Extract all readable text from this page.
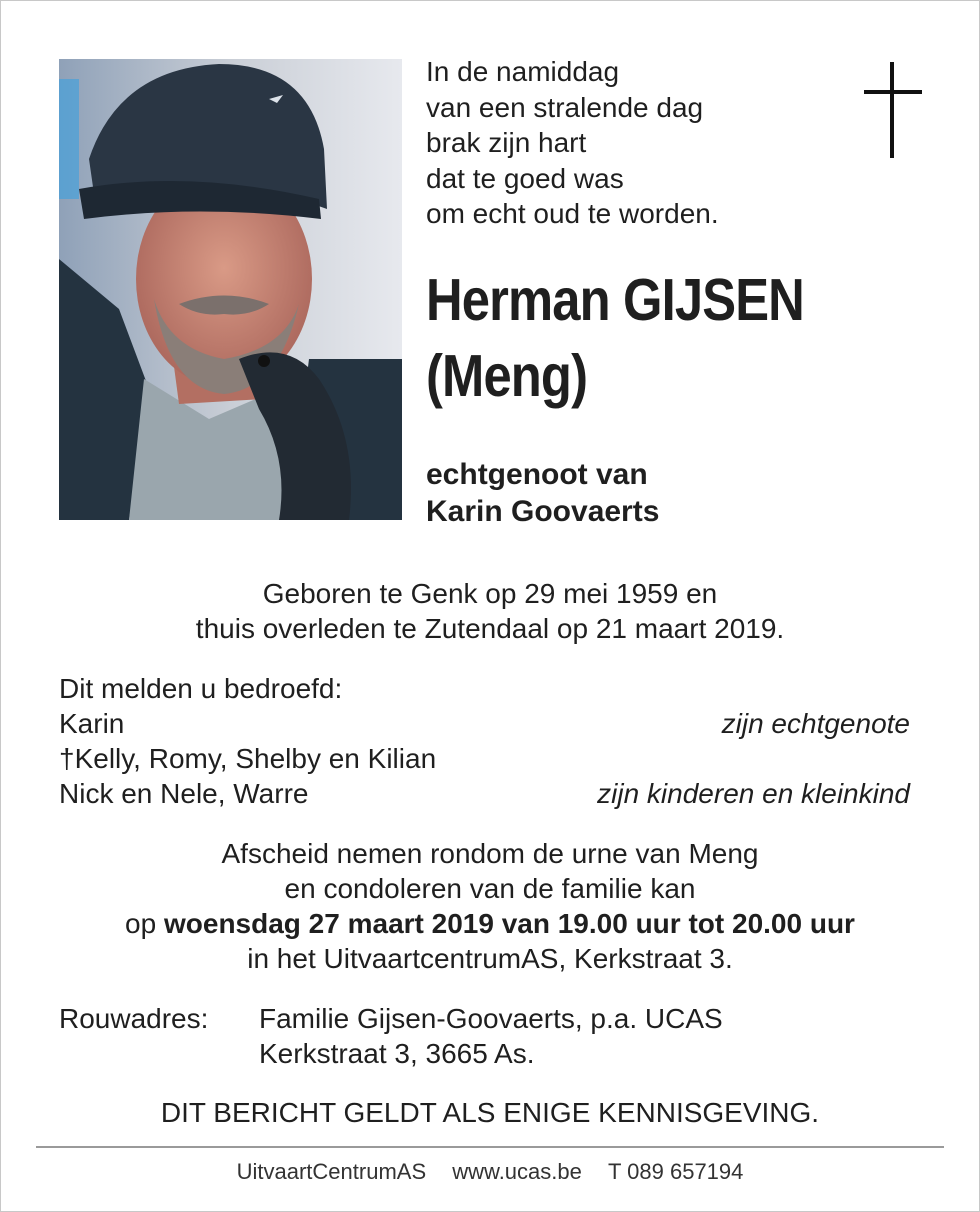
In de namiddag
van een stralende dag
brak zijn hart
dat te goed was
om echt oud te worden.
Herman GIJSEN
(Meng)
echtgenoot van
Karin Goovaerts
Geboren te Genk op 29 mei 1959 en
thuis overleden te Zutendaal op 21 maart 2019.
Dit melden u bedroefd:
Karin	zijn echtgenote
†Kelly, Romy, Shelby en Kilian
Nick en Nele, Warre	zijn kinderen en kleinkind
Afscheid nemen rondom de urne van Meng
en condoleren van de familie kan
op woensdag 27 maart 2019 van 19.00 uur tot 20.00 uur
in het UitvaartcentrumAS, Kerkstraat 3.
Rouwadres: Familie Gijsen-Goovaerts, p.a. UCAS
Kerkstraat 3, 3665 As.
DIT BERICHT GELDT ALS ENIGE KENNISGEVING.
UitvaartCentrumAS www.ucas.be T 089 657194
